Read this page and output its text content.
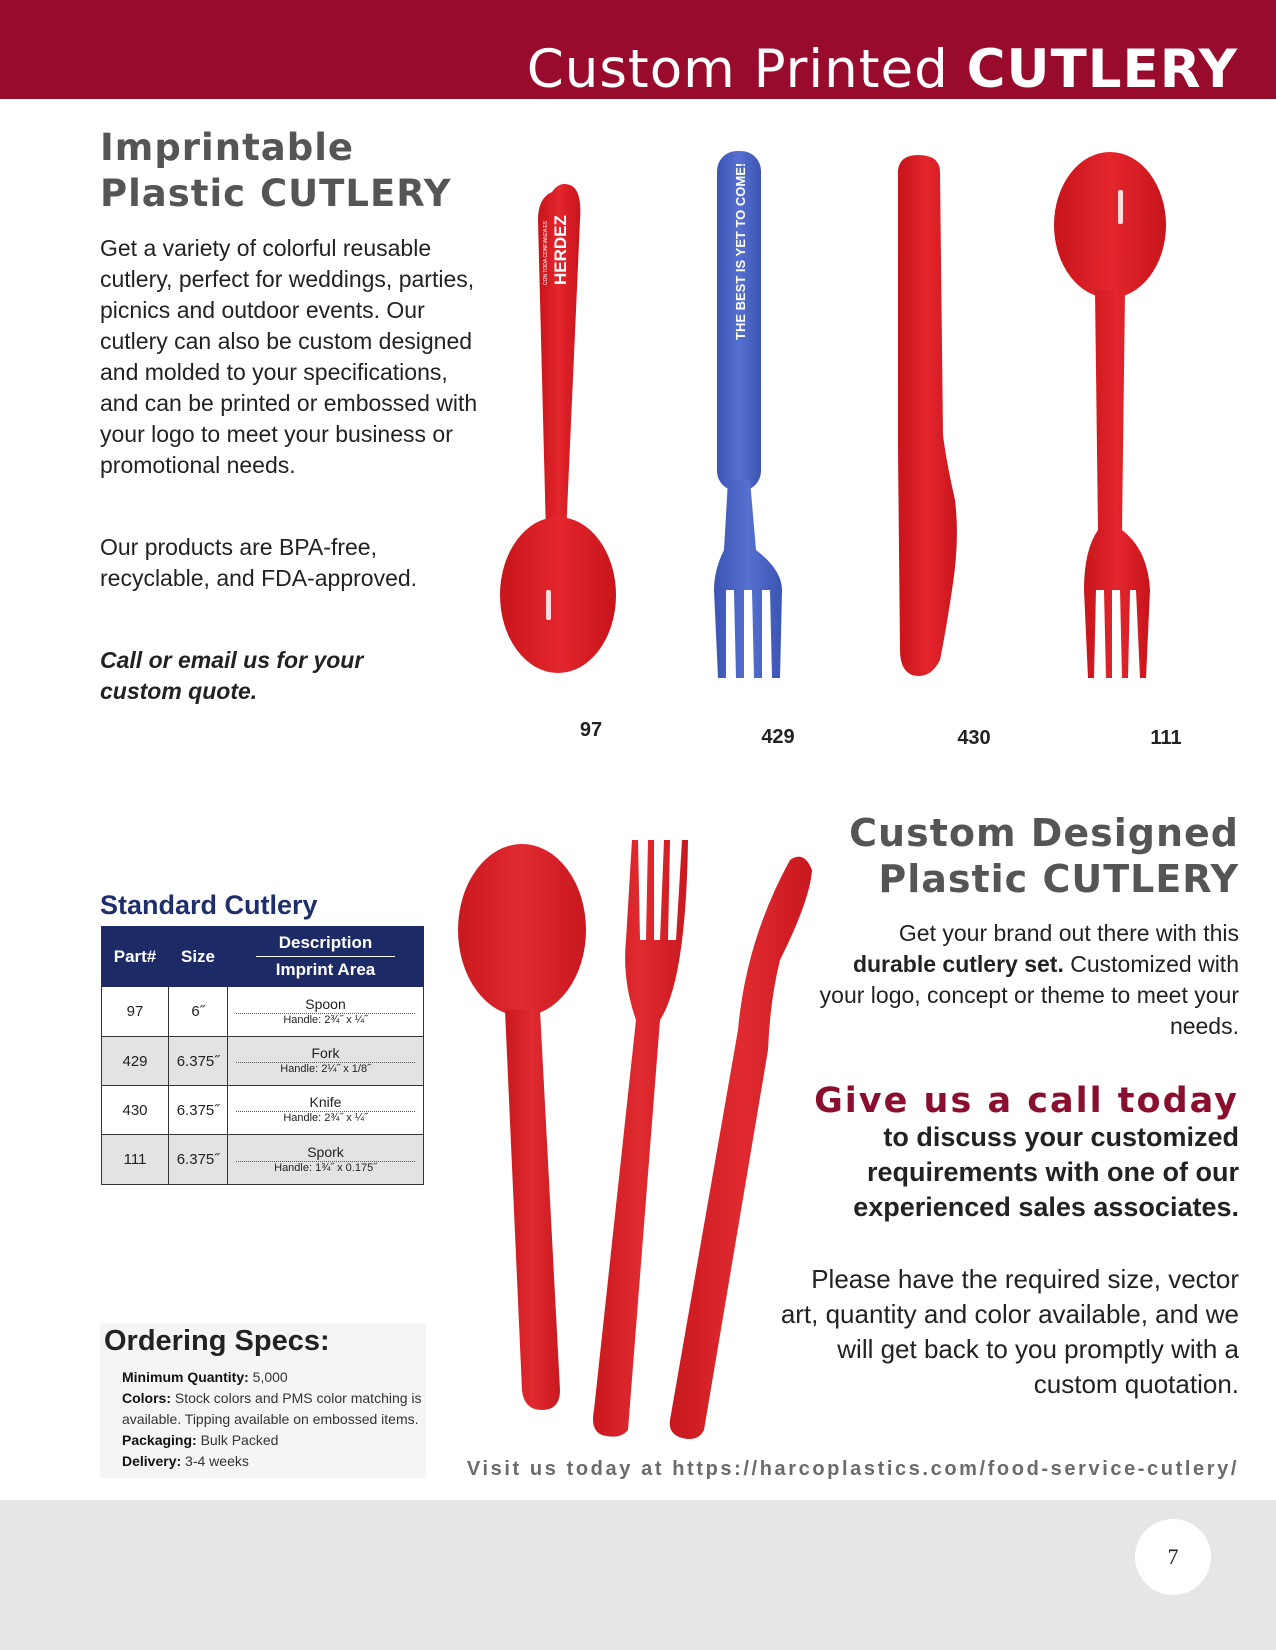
Custom Printed CUTLERY
Imprintable
Plastic CUTLERY
Get a variety of colorful reusable cutlery, perfect for weddings, parties, picnics and outdoor events. Our cutlery can also be custom designed and molded to your specifications, and can be printed or embossed with your logo to meet your business or promotional needs.
Our products are BPA-free, recyclable, and FDA-approved.
Call or email us for your custom quote.
HERDEZ
CON TODA CONFIANZA ES	THE BEST IS YET TO COME!
97	429	430	111
Standard Cutlery
Part#	Size	Description
Imprint Area

97	6˝	Spoon
Handle: 2¾˝ x ¼˝

429	6.375˝	Fork
Handle: 2¼˝ x 1/8˝

430	6.375˝	Knife
Handle: 2¾˝ x ¼˝

111	6.375˝	Spork
Handle: 1¾˝ x 0.175˝
Custom Designed
Plastic CUTLERY
Get your brand out there with this durable cutlery set. Customized with your logo, concept or theme to meet your needs.
Give us a call today
to discuss your customized requirements with one of our experienced sales associates.
Please have the required size, vector art, quantity and color available, and we will get back to you promptly with a custom quotation.
Visit us today at https://harcoplastics.com/food-service-cutlery/
Ordering Specs:
Minimum Quantity: 5,000
Colors: Stock colors and PMS color matching is available. Tipping available on embossed items.
Packaging: Bulk Packed
Delivery: 3-4 weeks
7
